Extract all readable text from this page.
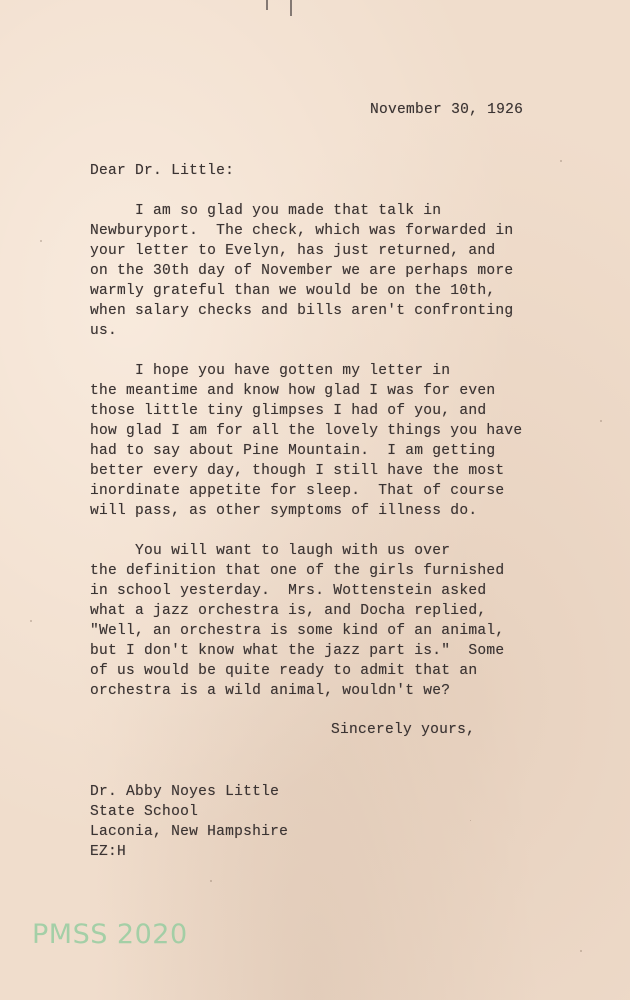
November 30, 1926
Dear Dr. Little:
I am so glad you made that talk in
Newburyport.  The check, which was forwarded in
your letter to Evelyn, has just returned, and
on the 30th day of November we are perhaps more
warmly grateful than we would be on the 10th,
when salary checks and bills aren't confronting
us.
I hope you have gotten my letter in
the meantime and know how glad I was for even
those little tiny glimpses I had of you, and
how glad I am for all the lovely things you have
had to say about Pine Mountain.  I am getting
better every day, though I still have the most
inordinate appetite for sleep.  That of course
will pass, as other symptoms of illness do.
You will want to laugh with us over
the definition that one of the girls furnished
in school yesterday.  Mrs. Wottenstein asked
what a jazz orchestra is, and Docha replied,
"Well, an orchestra is some kind of an animal,
but I don't know what the jazz part is."  Some
of us would be quite ready to admit that an
orchestra is a wild animal, wouldn't we?
Sincerely yours,
Dr. Abby Noyes Little
State School
Laconia, New Hampshire
EZ:H
PMSS 2020
